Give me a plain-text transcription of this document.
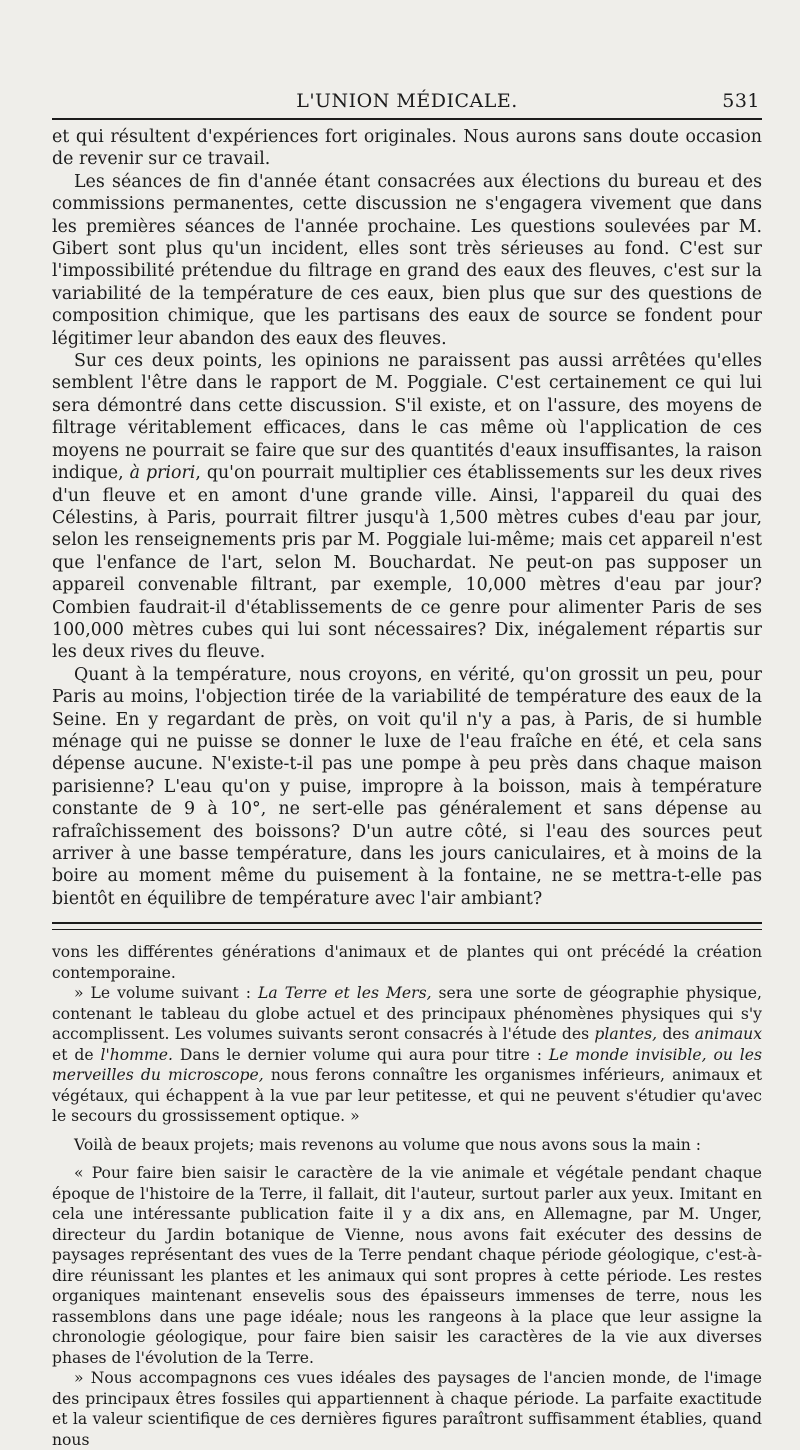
L'UNION MÉDICALE.	531

et qui résultent d'expériences fort originales. Nous aurons sans doute occasion de revenir sur ce travail.

Les séances de fin d'année étant consacrées aux élections du bureau et des commissions permanentes, cette discussion ne s'engagera vivement que dans les premières séances de l'année prochaine. Les questions soulevées par M. Gibert sont plus qu'un incident, elles sont très sérieuses au fond. C'est sur l'impossibilité prétendue du filtrage en grand des eaux des fleuves, c'est sur la variabilité de la température de ces eaux, bien plus que sur des questions de composition chimique, que les partisans des eaux de source se fondent pour légitimer leur abandon des eaux des fleuves.

Sur ces deux points, les opinions ne paraissent pas aussi arrêtées qu'elles semblent l'être dans le rapport de M. Poggiale. C'est certainement ce qui lui sera démontré dans cette discussion. S'il existe, et on l'assure, des moyens de filtrage véritablement efficaces, dans le cas même où l'application de ces moyens ne pourrait se faire que sur des quantités d'eaux insuffisantes, la raison indique, à priori, qu'on pourrait multiplier ces établissements sur les deux rives d'un fleuve et en amont d'une grande ville. Ainsi, l'appareil du quai des Célestins, à Paris, pourrait filtrer jusqu'à 1,500 mètres cubes d'eau par jour, selon les renseignements pris par M. Poggiale lui-même; mais cet appareil n'est que l'enfance de l'art, selon M. Bouchardat. Ne peut-on pas supposer un appareil convenable filtrant, par exemple, 10,000 mètres d'eau par jour? Combien faudrait-il d'établissements de ce genre pour alimenter Paris de ses 100,000 mètres cubes qui lui sont nécessaires? Dix, inégalement répartis sur les deux rives du fleuve.

Quant à la température, nous croyons, en vérité, qu'on grossit un peu, pour Paris au moins, l'objection tirée de la variabilité de température des eaux de la Seine. En y regardant de près, on voit qu'il n'y a pas, à Paris, de si humble ménage qui ne puisse se donner le luxe de l'eau fraîche en été, et cela sans dépense aucune. N'existe-t-il pas une pompe à peu près dans chaque maison parisienne? L'eau qu'on y puise, impropre à la boisson, mais à température constante de 9 à 10°, ne sert-elle pas généralement et sans dépense au rafraîchissement des boissons? D'un autre côté, si l'eau des sources peut arriver à une basse température, dans les jours caniculaires, et à moins de la boire au moment même du puisement à la fontaine, ne se mettra-t-elle pas bientôt en équilibre de température avec l'air ambiant?

vons les différentes générations d'animaux et de plantes qui ont précédé la création contemporaine.

» Le volume suivant : La Terre et les Mers, sera une sorte de géographie physique, contenant le tableau du globe actuel et des principaux phénomènes physiques qui s'y accomplissent. Les volumes suivants seront consacrés à l'étude des plantes, des animaux et de l'homme. Dans le dernier volume qui aura pour titre : Le monde invisible, ou les merveilles du microscope, nous ferons connaître les organismes inférieurs, animaux et végétaux, qui échappent à la vue par leur petitesse, et qui ne peuvent s'étudier qu'avec le secours du grossissement optique. »

Voilà de beaux projets; mais revenons au volume que nous avons sous la main :

« Pour faire bien saisir le caractère de la vie animale et végétale pendant chaque époque de l'histoire de la Terre, il fallait, dit l'auteur, surtout parler aux yeux. Imitant en cela une intéressante publication faite il y a dix ans, en Allemagne, par M. Unger, directeur du Jardin botanique de Vienne, nous avons fait exécuter des dessins de paysages représentant des vues de la Terre pendant chaque période géologique, c'est-à-dire réunissant les plantes et les animaux qui sont propres à cette période. Les restes organiques maintenant ensevelis sous des épaisseurs immenses de terre, nous les rassemblons dans une page idéale; nous les rangeons à la place que leur assigne la chronologie géologique, pour faire bien saisir les caractères de la vie aux diverses phases de l'évolution de la Terre.

» Nous accompagnons ces vues idéales des paysages de l'ancien monde, de l'image des principaux êtres fossiles qui appartiennent à chaque période. La parfaite exactitude et la valeur scientifique de ces dernières figures paraîtront suffisamment établies, quand nous
